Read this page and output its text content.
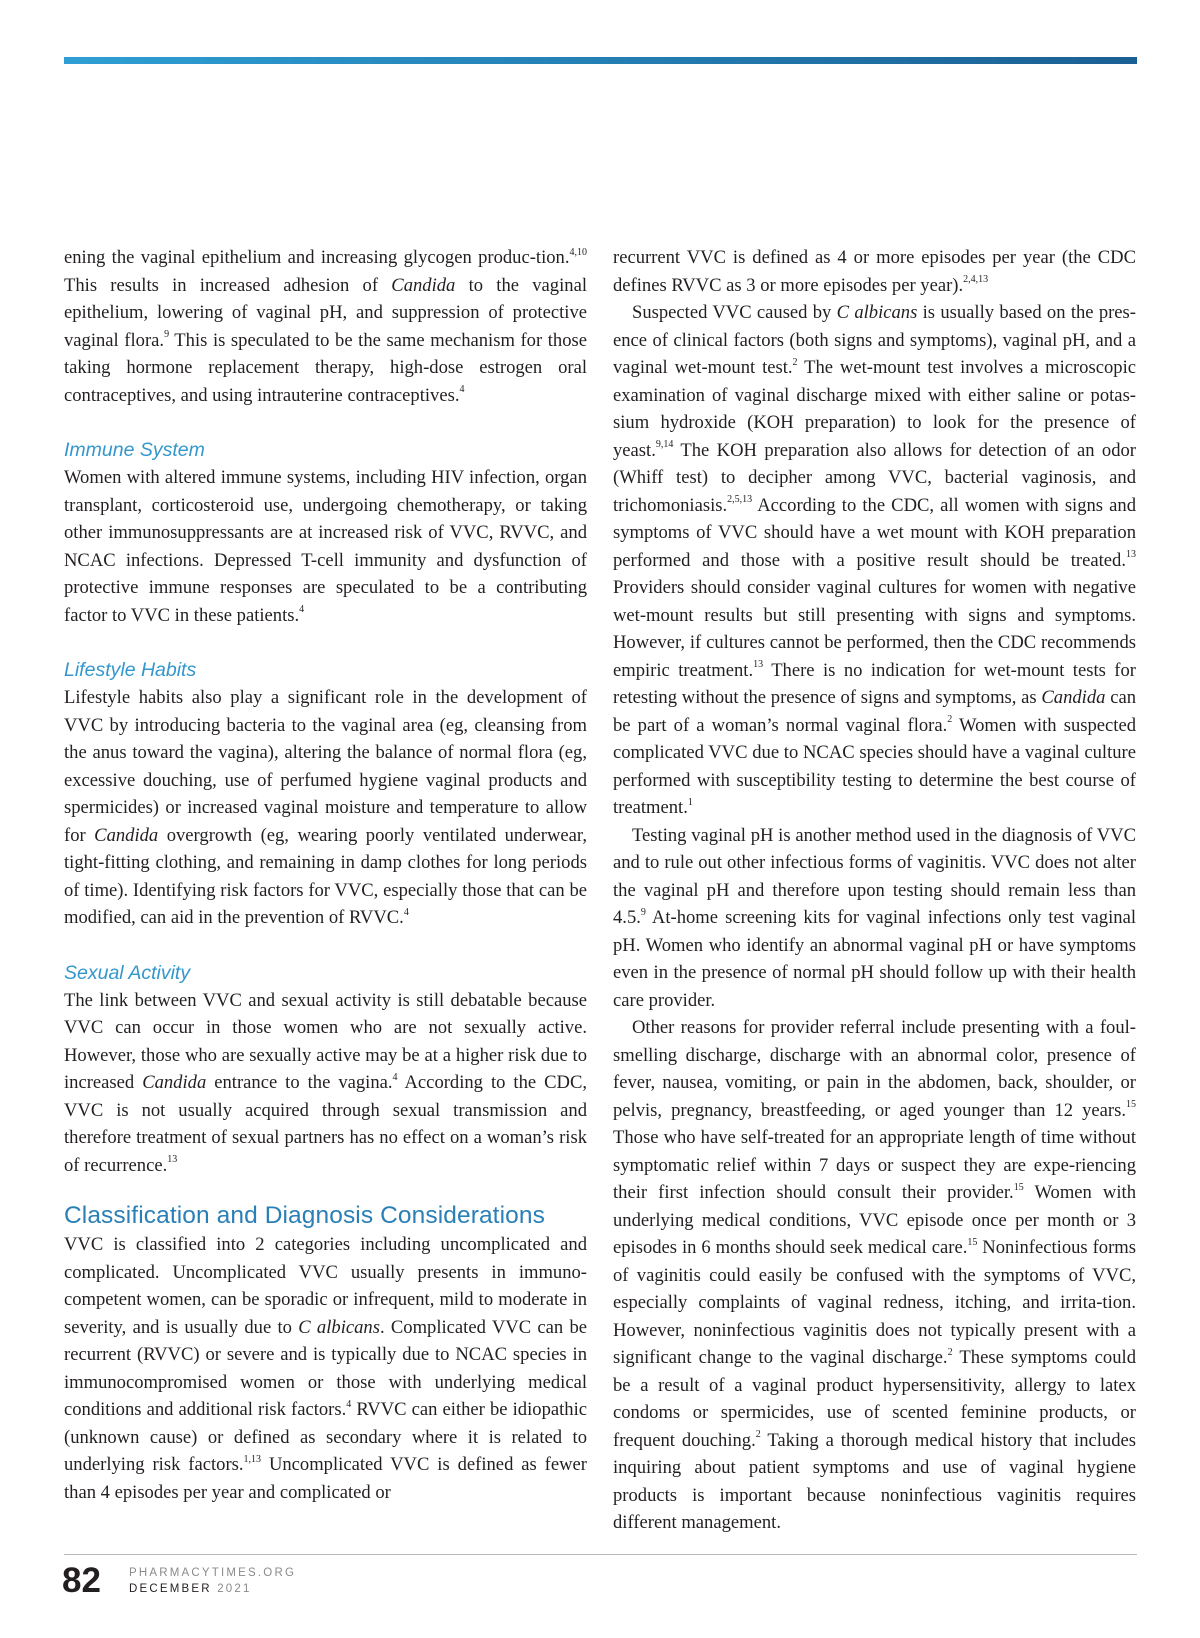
ening the vaginal epithelium and increasing glycogen produc-tion.$^{4,10}$ This results in increased adhesion of Candida to the vaginal epithelium, lowering of vaginal pH, and suppression of protective vaginal flora.$^9$ This is speculated to be the same mechanism for those taking hormone replacement therapy, high-dose estrogen oral contraceptives, and using intrauterine contraceptives.$^4$

Immune System

Women with altered immune systems, including HIV infection, organ transplant, corticosteroid use, undergoing chemotherapy, or taking other immunosuppressants are at increased risk of VVC, RVVC, and NCAC infections. Depressed T-cell immunity and dysfunction of protective immune responses are speculated to be a contributing factor to VVC in these patients.$^4$

Lifestyle Habits

Lifestyle habits also play a significant role in the development of VVC by introducing bacteria to the vaginal area (eg, cleansing from the anus toward the vagina), altering the balance of normal flora (eg, excessive douching, use of perfumed hygiene vaginal products and spermicides) or increased vaginal moisture and temperature to allow for Candida overgrowth (eg, wearing poorly ventilated underwear, tight-fitting clothing, and remaining in damp clothes for long periods of time). Identifying risk factors for VVC, especially those that can be modified, can aid in the prevention of RVVC.$^4$

Sexual Activity

The link between VVC and sexual activity is still debatable because VVC can occur in those women who are not sexually active. However, those who are sexually active may be at a higher risk due to increased Candida entrance to the vagina.$^4$ According to the CDC, VVC is not usually acquired through sexual transmission and therefore treatment of sexual partners has no effect on a woman’s risk of recurrence.$^{13}$

Classification and Diagnosis Considerations

VVC is classified into 2 categories including uncomplicated and complicated. Uncomplicated VVC usually presents in immuno-competent women, can be sporadic or infrequent, mild to moderate in severity, and is usually due to C albicans. Complicated VVC can be recurrent (RVVC) or severe and is typically due to NCAC species in immunocompromised women or those with underlying medical conditions and additional risk factors.$^4$ RVVC can either be idiopathic (unknown cause) or defined as secondary where it is related to underlying risk factors.$^{1,13}$ Uncomplicated VVC is defined as fewer than 4 episodes per year and complicated or

recurrent VVC is defined as 4 or more episodes per year (the CDC defines RVVC as 3 or more episodes per year).$^{2,4,13}$

Suspected VVC caused by C albicans is usually based on the pres-ence of clinical factors (both signs and symptoms), vaginal pH, and a vaginal wet-mount test.$^2$ The wet-mount test involves a microscopic examination of vaginal discharge mixed with either saline or potas-sium hydroxide (KOH preparation) to look for the presence of yeast.$^{9,14}$ The KOH preparation also allows for detection of an odor (Whiff test) to decipher among VVC, bacterial vaginosis, and trichomoniasis.$^{2,5,13}$ According to the CDC, all women with signs and symptoms of VVC should have a wet mount with KOH preparation performed and those with a positive result should be treated.$^{13}$ Providers should consider vaginal cultures for women with negative wet-mount results but still presenting with signs and symptoms. However, if cultures cannot be performed, then the CDC recommends empiric treatment.$^{13}$ There is no indication for wet-mount tests for retesting without the presence of signs and symptoms, as Candida can be part of a woman’s normal vaginal flora.$^2$ Women with suspected complicated VVC due to NCAC species should have a vaginal culture performed with susceptibility testing to determine the best course of treatment.$^1$

Testing vaginal pH is another method used in the diagnosis of VVC and to rule out other infectious forms of vaginitis. VVC does not alter the vaginal pH and therefore upon testing should remain less than 4.5.$^9$ At-home screening kits for vaginal infections only test vaginal pH. Women who identify an abnormal vaginal pH or have symptoms even in the presence of normal pH should follow up with their health care provider.

Other reasons for provider referral include presenting with a foul-smelling discharge, discharge with an abnormal color, presence of fever, nausea, vomiting, or pain in the abdomen, back, shoulder, or pelvis, pregnancy, breastfeeding, or aged younger than 12 years.$^{15}$ Those who have self-treated for an appropriate length of time without symptomatic relief within 7 days or suspect they are expe-riencing their first infection should consult their provider.$^{15}$ Women with underlying medical conditions, VVC episode once per month or 3 episodes in 6 months should seek medical care.$^{15}$ Noninfectious forms of vaginitis could easily be confused with the symptoms of VVC, especially complaints of vaginal redness, itching, and irrita-tion. However, noninfectious vaginitis does not typically present with a significant change to the vaginal discharge.$^2$ These symptoms could be a result of a vaginal product hypersensitivity, allergy to latex condoms or spermicides, use of scented feminine products, or frequent douching.$^2$ Taking a thorough medical history that includes inquiring about patient symptoms and use of vaginal hygiene products is important because noninfectious vaginitis requires different management.

82 PHARMACYTIMES.ORG
DECEMBER 2021
